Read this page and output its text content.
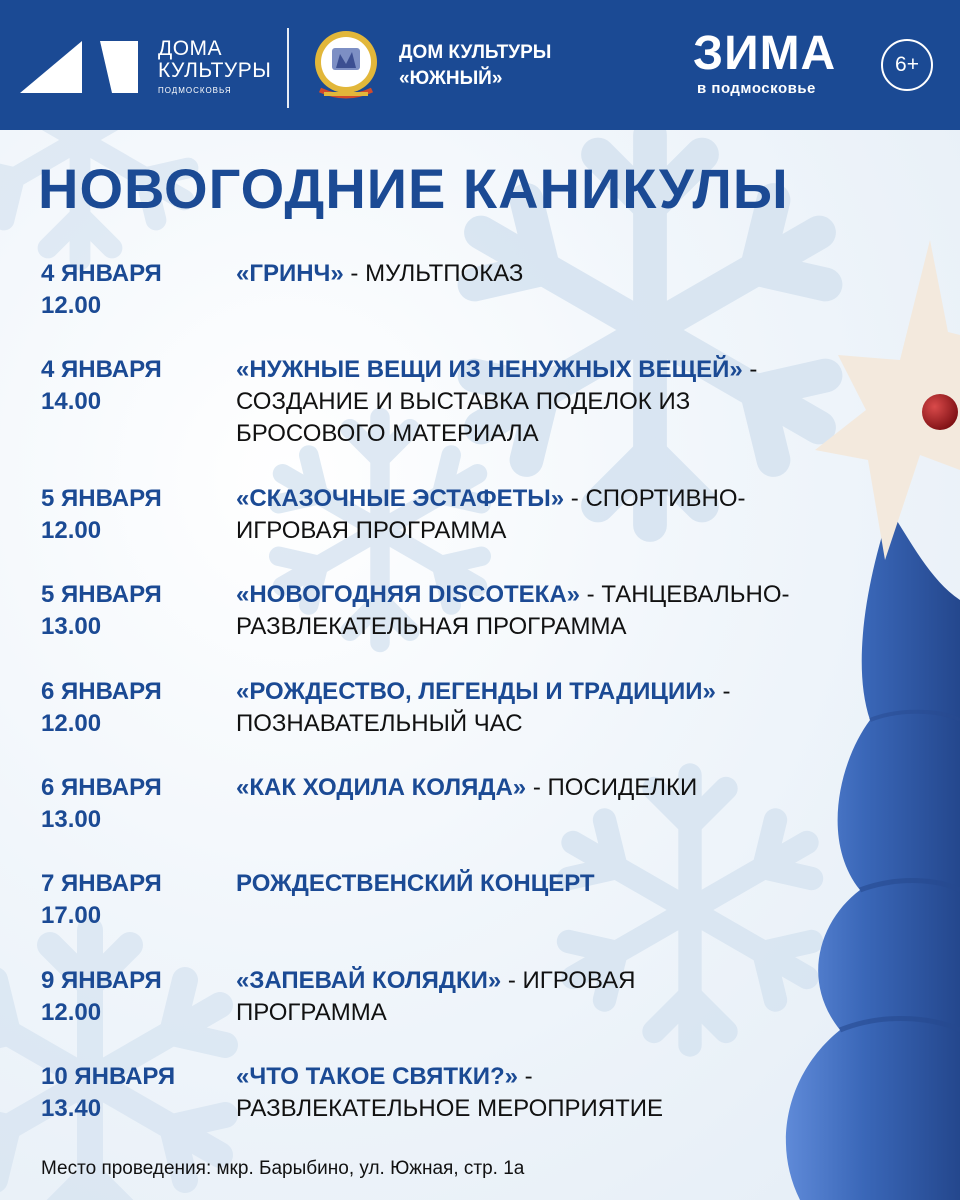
ДОМА
КУЛЬТУРЫ
ПОДМОСКОВЬЯ
ДОМ КУЛЬТУРЫ
«ЮЖНЫЙ»	ЗИМА
в подмосковье
6+
НОВОГОДНИЕ КАНИКУЛЫ
4 ЯНВАРЯ
12.00
«ГРИНЧ» - МУЛЬТПОКАЗ
4 ЯНВАРЯ
14.00
«НУЖНЫЕ ВЕЩИ ИЗ НЕНУЖНЫХ ВЕЩЕЙ» -
СОЗДАНИЕ И ВЫСТАВКА ПОДЕЛОК ИЗ
БРОСОВОГО МАТЕРИАЛА
5 ЯНВАРЯ
12.00
«СКАЗОЧНЫЕ ЭСТАФЕТЫ» - СПОРТИВНО-
ИГРОВАЯ ПРОГРАММА
5 ЯНВАРЯ
13.00
«НОВОГОДНЯЯ DISCOТЕКА» - ТАНЦЕВАЛЬНО-
РАЗВЛЕКАТЕЛЬНАЯ ПРОГРАММА
6 ЯНВАРЯ
12.00
«РОЖДЕСТВО, ЛЕГЕНДЫ И ТРАДИЦИИ» -
ПОЗНАВАТЕЛЬНЫЙ ЧАС
6 ЯНВАРЯ
13.00
«КАК ХОДИЛА КОЛЯДА» - ПОСИДЕЛКИ
7 ЯНВАРЯ
17.00
РОЖДЕСТВЕНСКИЙ КОНЦЕРТ
9 ЯНВАРЯ
12.00
«ЗАПЕВАЙ КОЛЯДКИ» - ИГРОВАЯ
ПРОГРАММА
10 ЯНВАРЯ
13.40
«ЧТО ТАКОЕ СВЯТКИ?» -
РАЗВЛЕКАТЕЛЬНОЕ МЕРОПРИЯТИЕ
Место проведения: мкр. Барыбино, ул. Южная, стр. 1а
